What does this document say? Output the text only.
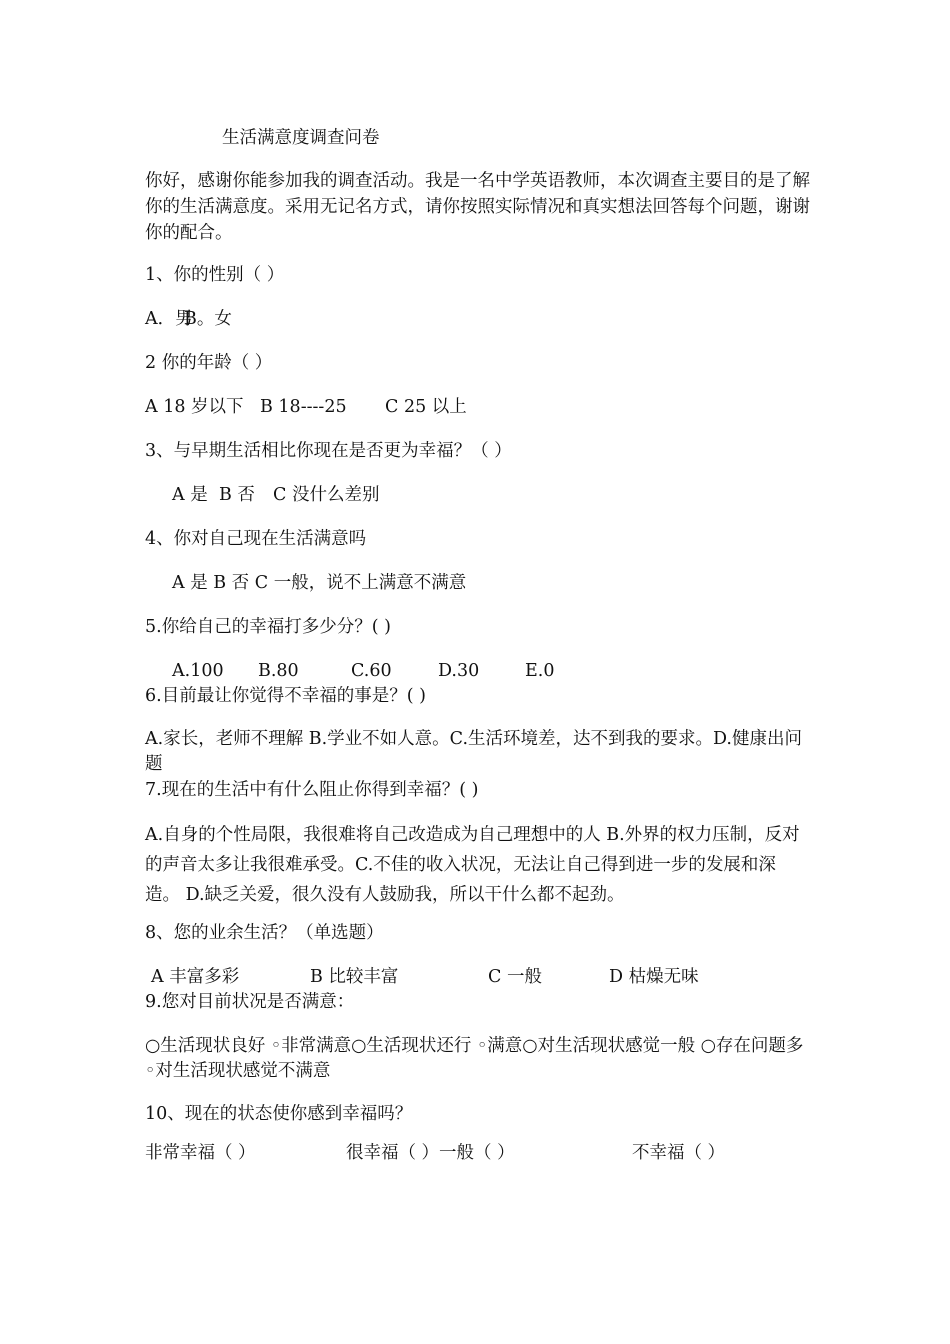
生活满意度调查问卷

你好，感谢你能参加我的调查活动。我是一名中学英语教师，本次调查主要目的是了解你的生活满意度。采用无记名方式，请你按照实际情况和真实想法回答每个问题，谢谢你的配合。

1、你的性别（ ）

A．男B。女

2 你的年龄（ ）

A 18 岁以下 B 18----25 C 25 以上

3、与早期生活相比你现在是否更为幸福？（ ）

A 是 B 否 C 没什么差别

4、你对自己现在生活满意吗

A 是 B 否 C 一般，说不上满意不满意

5.你给自己的幸福打多少分？( )

A.100 B.80	C.60	D.30	E.0

6.目前最让你觉得不幸福的事是？( )

A.家长，老师不理解 B.学业不如人意。C.生活环境差，达不到我的要求。D.健康出问题

7.现在的生活中有什么阻止你得到幸福？( )

A.自身的个性局限，我很难将自己改造成为自己理想中的人 B.外界的权力压制，反对的声音太多让我很难承受。C.不佳的收入状况，无法让自己得到进一步的发展和深造。 D.缺乏关爱，很久没有人鼓励我，所以干什么都不起劲。

8、您的业余生活？（单选题）

A 丰富多彩	B 比较丰富	C 一般	D 枯燥无味

9.您对目前状况是否满意：

○生活现状良好 ◦非常满意○生活现状还行 ◦满意○对生活现状感觉一般 ○存在问题多 ◦对生活现状感觉不满意

10、现在的状态使你感到幸福吗？

非常幸福（ ）	很幸福（ ）一般（ ）	不幸福（ ）
